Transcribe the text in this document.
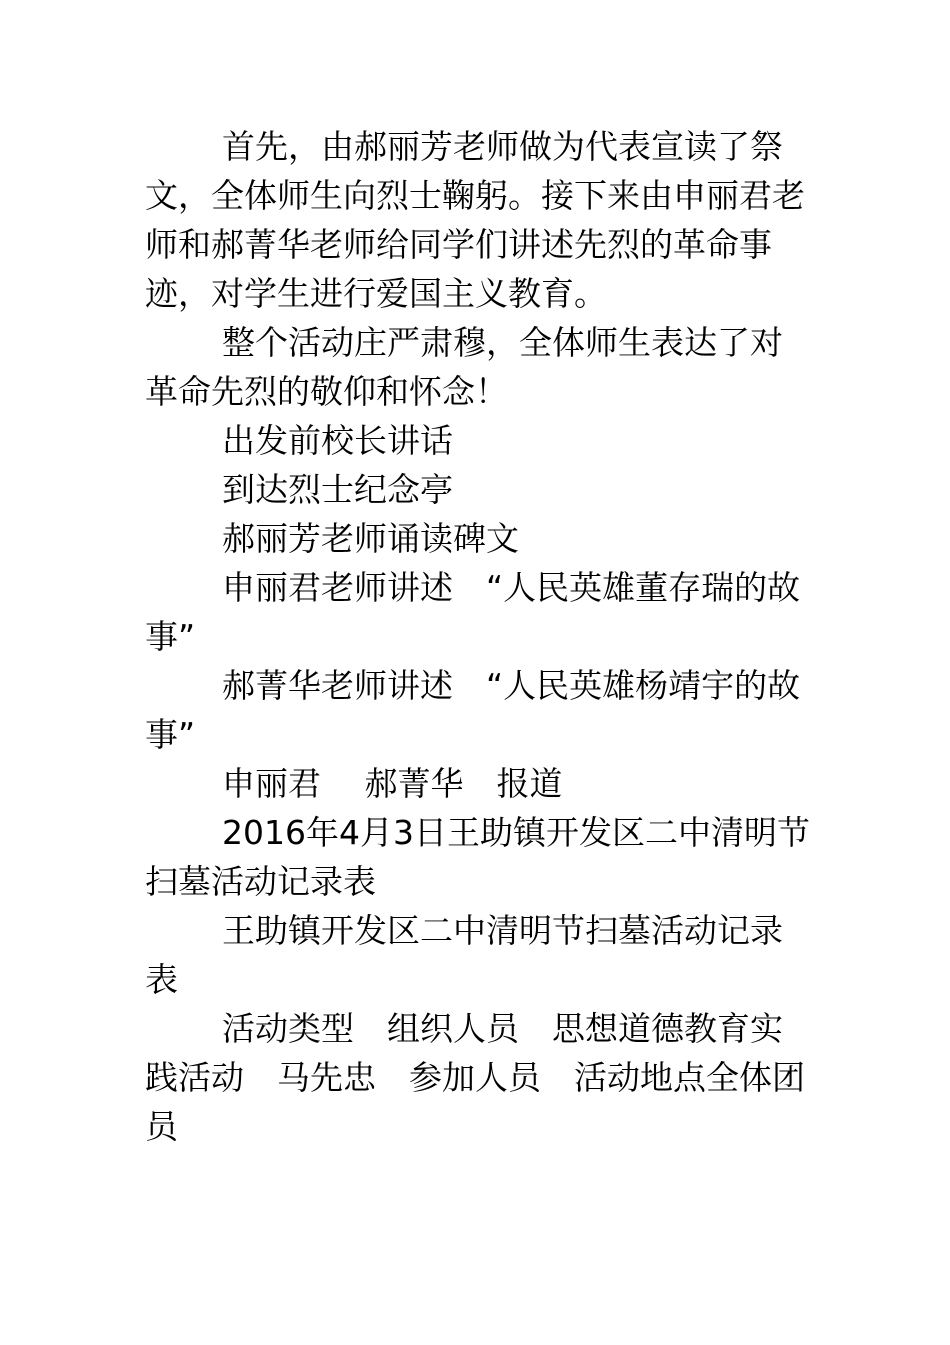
首先，由郝丽芳老师做为代表宣读了祭文，全体师生向烈士鞠躬。接下来由申丽君老师和郝菁华老师给同学们讲述先烈的革命事迹，对学生进行爱国主义教育。

整个活动庄严肃穆，全体师生表达了对革命先烈的敬仰和怀念！

出发前校长讲话

到达烈士纪念亭

郝丽芳老师诵读碑文

申丽君老师讲述　“人民英雄董存瑞的故事”

郝菁华老师讲述　“人民英雄杨靖宇的故事”

申丽君　 郝菁华　报道

2016年4月3日王助镇开发区二中清明节扫墓活动记录表

王助镇开发区二中清明节扫墓活动记录表

活动类型　组织人员　思想道德教育实践活动　马先忠　参加人员　活动地点全体团员
